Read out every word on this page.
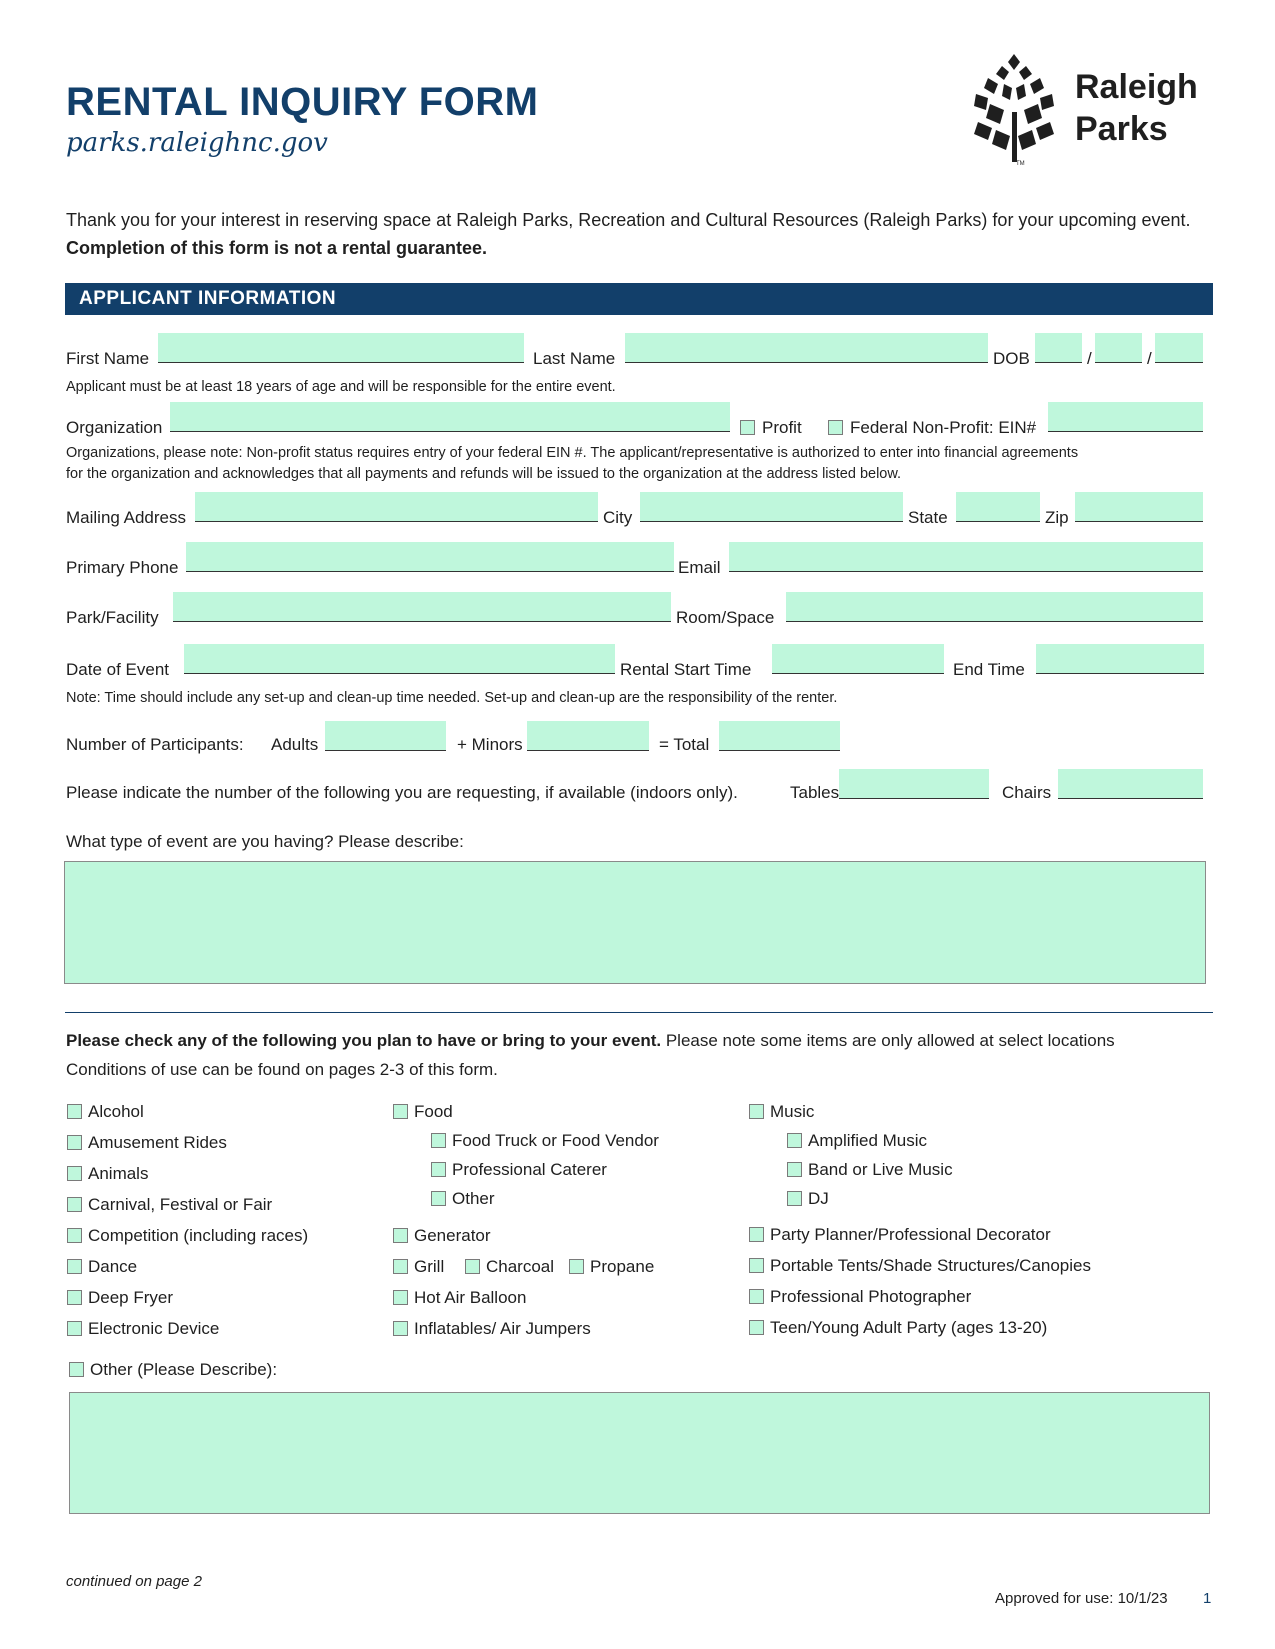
RENTAL INQUIRY FORM
parks.raleighnc.gov
TM
Raleigh
Parks
Thank you for your interest in reserving space at Raleigh Parks, Recreation and Cultural Resources (Raleigh Parks) for your upcoming event. Completion of this form is not a rental guarantee.
APPLICANT INFORMATION
First Name	Last Name	DOB	/	/
Applicant must be at least 18 years of age and will be responsible for the entire event.
Organization	Profit	Federal Non-Profit: EIN#
Organizations, please note: Non-profit status requires entry of your federal EIN #. The applicant/representative is authorized to enter into financial agreements
for the organization and acknowledges that all payments and refunds will be issued to the organization at the address listed below.
Mailing Address	City	State	Zip
Primary Phone	Email
Park/Facility	Room/Space
Date of Event	Rental Start Time	End Time
Note: Time should include any set-up and clean-up time needed. Set-up and clean-up are the responsibility of the renter.
Number of Participants: Adults	+ Minors	= Total
Please indicate the number of the following you are requesting, if available (indoors only).	Tables	Chairs
What type of event are you having? Please describe:
Please check any of the following you plan to have or bring to your event. Please note some items are only allowed at select locations
Conditions of use can be found on pages 2-3 of this form.
Alcohol
Amusement Rides
Animals
Carnival, Festival or Fair
Competition (including races)
Dance
Deep Fryer
Electronic Device
Food
Food Truck or Food Vendor
Professional Caterer
Other
Generator
Grill Charcoal Propane
Hot Air Balloon
Inflatables/ Air Jumpers
Music
Amplified Music
Band or Live Music
DJ
Party Planner/Professional Decorator
Portable Tents/Shade Structures/Canopies
Professional Photographer
Teen/Young Adult Party (ages 13-20)
Other (Please Describe):
continued on page 2
Approved for use: 10/1/23 1
